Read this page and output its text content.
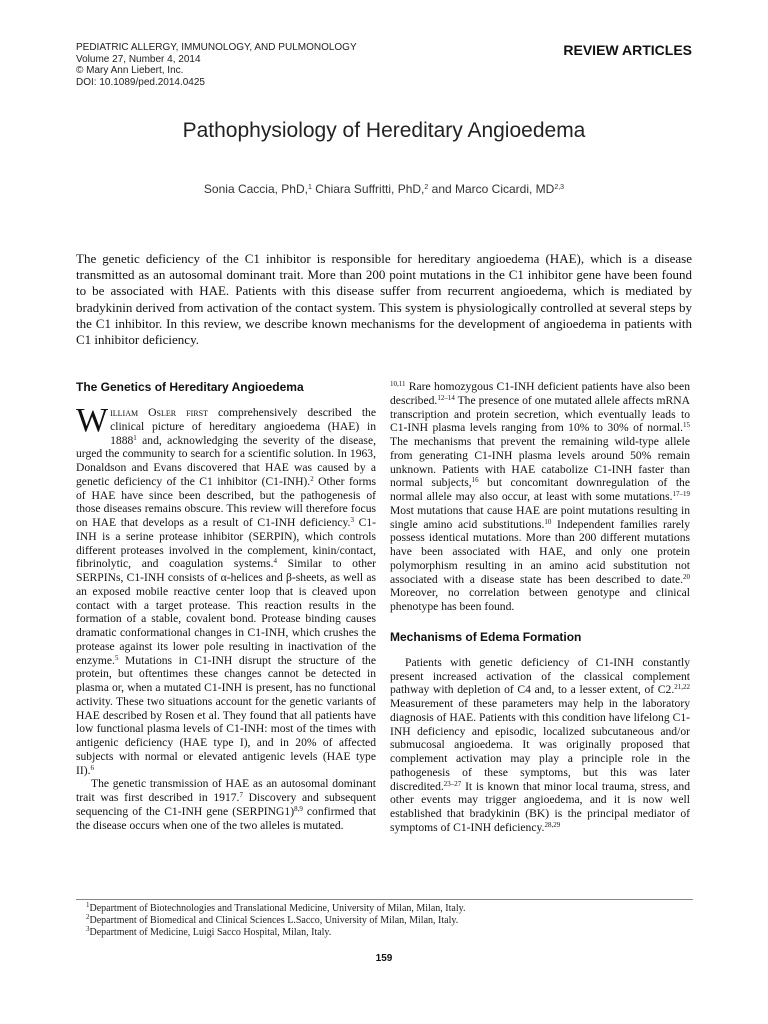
PEDIATRIC ALLERGY, IMMUNOLOGY, AND PULMONOLOGY
Volume 27, Number 4, 2014
© Mary Ann Liebert, Inc.
DOI: 10.1089/ped.2014.0425
REVIEW ARTICLES
Pathophysiology of Hereditary Angioedema
Sonia Caccia, PhD,$^1$ Chiara Suffritti, PhD,$^2$ and Marco Cicardi, MD$^{2,3}$

The genetic deficiency of the C1 inhibitor is responsible for hereditary angioedema (HAE), which is a disease transmitted as an autosomal dominant trait. More than 200 point mutations in the C1 inhibitor gene have been found to be associated with HAE. Patients with this disease suffer from recurrent angioedema, which is mediated by bradykinin derived from activation of the contact system. This system is physiologically controlled at several steps by the C1 inhibitor. In this review, we describe known mechanisms for the development of angioedema in patients with C1 inhibitor deficiency.

The Genetics of Hereditary Angioedema

William Osler first comprehensively described the clinical picture of hereditary angioedema (HAE) in 1888$^1$ and, acknowledging the severity of the disease, urged the community to search for a scientific solution. In 1963, Donaldson and Evans discovered that HAE was caused by a genetic deficiency of the C1 inhibitor (C1-INH).$^2$ Other forms of HAE have since been described, but the pathogenesis of those diseases remains obscure. This review will therefore focus on HAE that develops as a result of C1-INH deficiency.$^3$ C1-INH is a serine protease inhibitor (SERPIN), which controls different proteases involved in the complement, kinin/contact, fibrinolytic, and coagulation systems.$^4$ Similar to other SERPINs, C1-INH consists of α-helices and β-sheets, as well as an exposed mobile reactive center loop that is cleaved upon contact with a target protease. This reaction results in the formation of a stable, covalent bond. Protease binding causes dramatic conformational changes in C1-INH, which crushes the protease against its lower pole resulting in inactivation of the enzyme.$^5$ Mutations in C1-INH disrupt the structure of the protein, but oftentimes these changes cannot be detected in plasma or, when a mutated C1-INH is present, has no functional activity. These two situations account for the genetic variants of HAE described by Rosen et al. They found that all patients have low functional plasma levels of C1-INH: most of the times with antigenic deficiency (HAE type I), and in 20% of affected subjects with normal or elevated antigenic levels (HAE type II).$^6$

The genetic transmission of HAE as an autosomal dominant trait was first described in 1917.$^7$ Discovery and subsequent sequencing of the C1-INH gene (SERPING1)$^{8,9}$ confirmed that the disease occurs when one of the two alleles is mutated.

$^{10,11}$ Rare homozygous C1-INH deficient patients have also been described.$^{12-14}$ The presence of one mutated allele affects mRNA transcription and protein secretion, which eventually leads to C1-INH plasma levels ranging from 10% to 30% of normal.$^{15}$ The mechanisms that prevent the remaining wild-type allele from generating C1-INH plasma levels around 50% remain unknown. Patients with HAE catabolize C1-INH faster than normal subjects,$^{16}$ but concomitant downregulation of the normal allele may also occur, at least with some mutations.$^{17-19}$ Most mutations that cause HAE are point mutations resulting in single amino acid substitutions.$^{10}$ Independent families rarely possess identical mutations. More than 200 different mutations have been associated with HAE, and only one protein polymorphism resulting in an amino acid substitution not associated with a disease state has been described to date.$^{20}$ Moreover, no correlation between genotype and clinical phenotype has been found.

Mechanisms of Edema Formation

Patients with genetic deficiency of C1-INH constantly present increased activation of the classical complement pathway with depletion of C4 and, to a lesser extent, of C2.$^{21,22}$ Measurement of these parameters may help in the laboratory diagnosis of HAE. Patients with this condition have lifelong C1-INH deficiency and episodic, localized subcutaneous and/or submucosal angioedema. It was originally proposed that complement activation may play a principle role in the pathogenesis of these symptoms, but this was later discredited.$^{23-27}$ It is known that minor local trauma, stress, and other events may trigger angioedema, and it is now well established that bradykinin (BK) is the principal mediator of symptoms of C1-INH deficiency.$^{28,29}$

$^1$Department of Biotechnologies and Translational Medicine, University of Milan, Milan, Italy.
$^2$Department of Biomedical and Clinical Sciences L.Sacco, University of Milan, Milan, Italy.
$^3$Department of Medicine, Luigi Sacco Hospital, Milan, Italy.
159
